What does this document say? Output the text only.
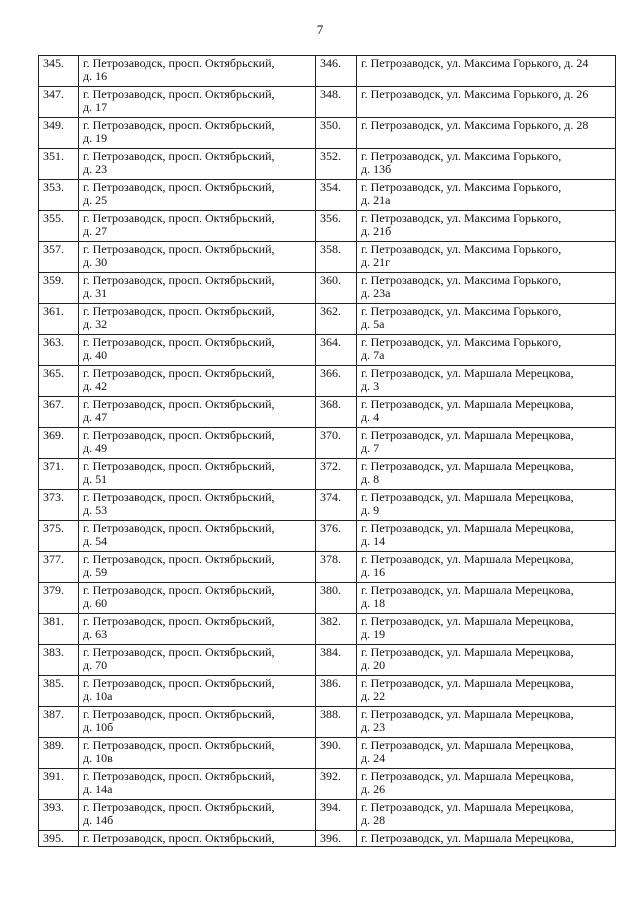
7
345.	г. Петрозаводск, просп. Октябрьский,
д. 16	346.	г. Петрозаводск, ул. Максима Горького, д. 24

347.	г. Петрозаводск, просп. Октябрьский,
д. 17	348.	г. Петрозаводск, ул. Максима Горького, д. 26

349.	г. Петрозаводск, просп. Октябрьский,
д. 19	350.	г. Петрозаводск, ул. Максима Горького, д. 28

351.	г. Петрозаводск, просп. Октябрьский,
д. 23	352.	г. Петрозаводск, ул. Максима Горького,
д. 13б

353.	г. Петрозаводск, просп. Октябрьский,
д. 25	354.	г. Петрозаводск, ул. Максима Горького,
д. 21а

355.	г. Петрозаводск, просп. Октябрьский,
д. 27	356.	г. Петрозаводск, ул. Максима Горького,
д. 21б

357.	г. Петрозаводск, просп. Октябрьский,
д. 30	358.	г. Петрозаводск, ул. Максима Горького,
д. 21г

359.	г. Петрозаводск, просп. Октябрьский,
д. 31	360.	г. Петрозаводск, ул. Максима Горького,
д. 23а

361.	г. Петрозаводск, просп. Октябрьский,
д. 32	362.	г. Петрозаводск, ул. Максима Горького,
д. 5а

363.	г. Петрозаводск, просп. Октябрьский,
д. 40	364.	г. Петрозаводск, ул. Максима Горького,
д. 7а

365.	г. Петрозаводск, просп. Октябрьский,
д. 42	366.	г. Петрозаводск, ул. Маршала Мерецкова,
д. 3

367.	г. Петрозаводск, просп. Октябрьский,
д. 47	368.	г. Петрозаводск, ул. Маршала Мерецкова,
д. 4

369.	г. Петрозаводск, просп. Октябрьский,
д. 49	370.	г. Петрозаводск, ул. Маршала Мерецкова,
д. 7

371.	г. Петрозаводск, просп. Октябрьский,
д. 51	372.	г. Петрозаводск, ул. Маршала Мерецкова,
д. 8

373.	г. Петрозаводск, просп. Октябрьский,
д. 53	374.	г. Петрозаводск, ул. Маршала Мерецкова,
д. 9

375.	г. Петрозаводск, просп. Октябрьский,
д. 54	376.	г. Петрозаводск, ул. Маршала Мерецкова,
д. 14

377.	г. Петрозаводск, просп. Октябрьский,
д. 59	378.	г. Петрозаводск, ул. Маршала Мерецкова,
д. 16

379.	г. Петрозаводск, просп. Октябрьский,
д. 60	380.	г. Петрозаводск, ул. Маршала Мерецкова,
д. 18

381.	г. Петрозаводск, просп. Октябрьский,
д. 63	382.	г. Петрозаводск, ул. Маршала Мерецкова,
д. 19

383.	г. Петрозаводск, просп. Октябрьский,
д. 70	384.	г. Петрозаводск, ул. Маршала Мерецкова,
д. 20

385.	г. Петрозаводск, просп. Октябрьский,
д. 10а	386.	г. Петрозаводск, ул. Маршала Мерецкова,
д. 22

387.	г. Петрозаводск, просп. Октябрьский,
д. 10б	388.	г. Петрозаводск, ул. Маршала Мерецкова,
д. 23

389.	г. Петрозаводск, просп. Октябрьский,
д. 10в	390.	г. Петрозаводск, ул. Маршала Мерецкова,
д. 24

391.	г. Петрозаводск, просп. Октябрьский,
д. 14а	392.	г. Петрозаводск, ул. Маршала Мерецкова,
д. 26

393.	г. Петрозаводск, просп. Октябрьский,
д. 14б	394.	г. Петрозаводск, ул. Маршала Мерецкова,
д. 28

395.	г. Петрозаводск, просп. Октябрьский,	396.	г. Петрозаводск, ул. Маршала Мерецкова,
